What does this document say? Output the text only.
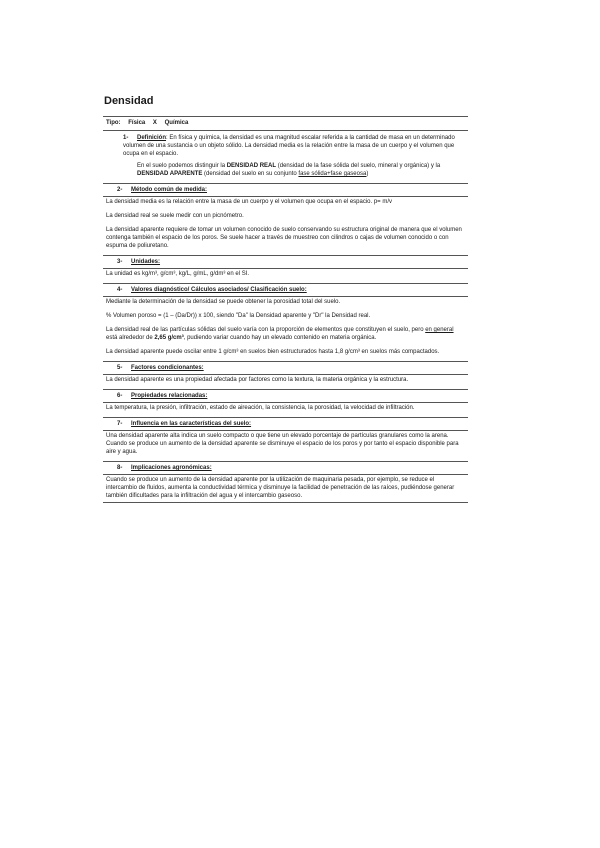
Densidad
Tipo: Física X Química
1- Definición: En física y química, la densidad es una magnitud escalar referida a la cantidad de masa en un determinado volumen de una sustancia o un objeto sólido. La densidad media es la relación entre la masa de un cuerpo y el volumen que ocupa en el espacio.
En el suelo podemos distinguir la DENSIDAD REAL (densidad de la fase sólida del suelo, mineral y orgánica) y la DENSIDAD APARENTE (densidad del suelo en su conjunto fase sólida+fase gaseosa)
2- Método común de medida:
La densidad media es la relación entre la masa de un cuerpo y el volumen que ocupa en el espacio. p= m/v
La densidad real se suele medir con un picnómetro.
La densidad aparente requiere de tomar un volumen conocido de suelo conservando su estructura original de manera que el volumen contenga también el espacio de los poros. Se suele hacer a través de muestreo con cilindros o cajas de volumen conocido o con espuma de poliuretano.
3- Unidades:
La unidad es kg/m³, g/cm³, kg/L, g/mL, g/dm³ en el SI.
4- Valores diagnóstico/ Cálculos asociados/ Clasificación suelo:
Mediante la determinación de la densidad se puede obtener la porosidad total del suelo.
% Volumen poroso = (1 – (Da/Dr)) x 100, siendo "Da" la Densidad aparente y "Dr" la Densidad real.
La densidad real de las partículas sólidas del suelo varía con la proporción de elementos que constituyen el suelo, pero en general está alrededor de 2,65 g/cm³, pudiendo variar cuando hay un elevado contenido en materia orgánica.
La densidad aparente puede oscilar entre 1 g/cm³ en suelos bien estructurados hasta 1,8 g/cm³ en suelos más compactados.
5- Factores condicionantes:
La densidad aparente es una propiedad afectada por factores como la textura, la materia orgánica y la estructura.
6- Propiedades relacionadas:
La temperatura, la presión, infiltración, estado de aireación, la consistencia, la porosidad, la velocidad de infiltración.
7- Influencia en las características del suelo:
Una densidad aparente alta indica un suelo compacto o que tiene un elevado porcentaje de partículas granulares como la arena. Cuando se produce un aumento de la densidad aparente se disminuye el espacio de los poros y por tanto el espacio disponible para aire y agua.
8- Implicaciones agronómicas:
Cuando se produce un aumento de la densidad aparente por la utilización de maquinaria pesada, por ejemplo, se reduce el intercambio de fluidos, aumenta la conductividad térmica y disminuye la facilidad de penetración de las raíces, pudiéndose generar también dificultades para la infiltración del agua y el intercambio gaseoso.
